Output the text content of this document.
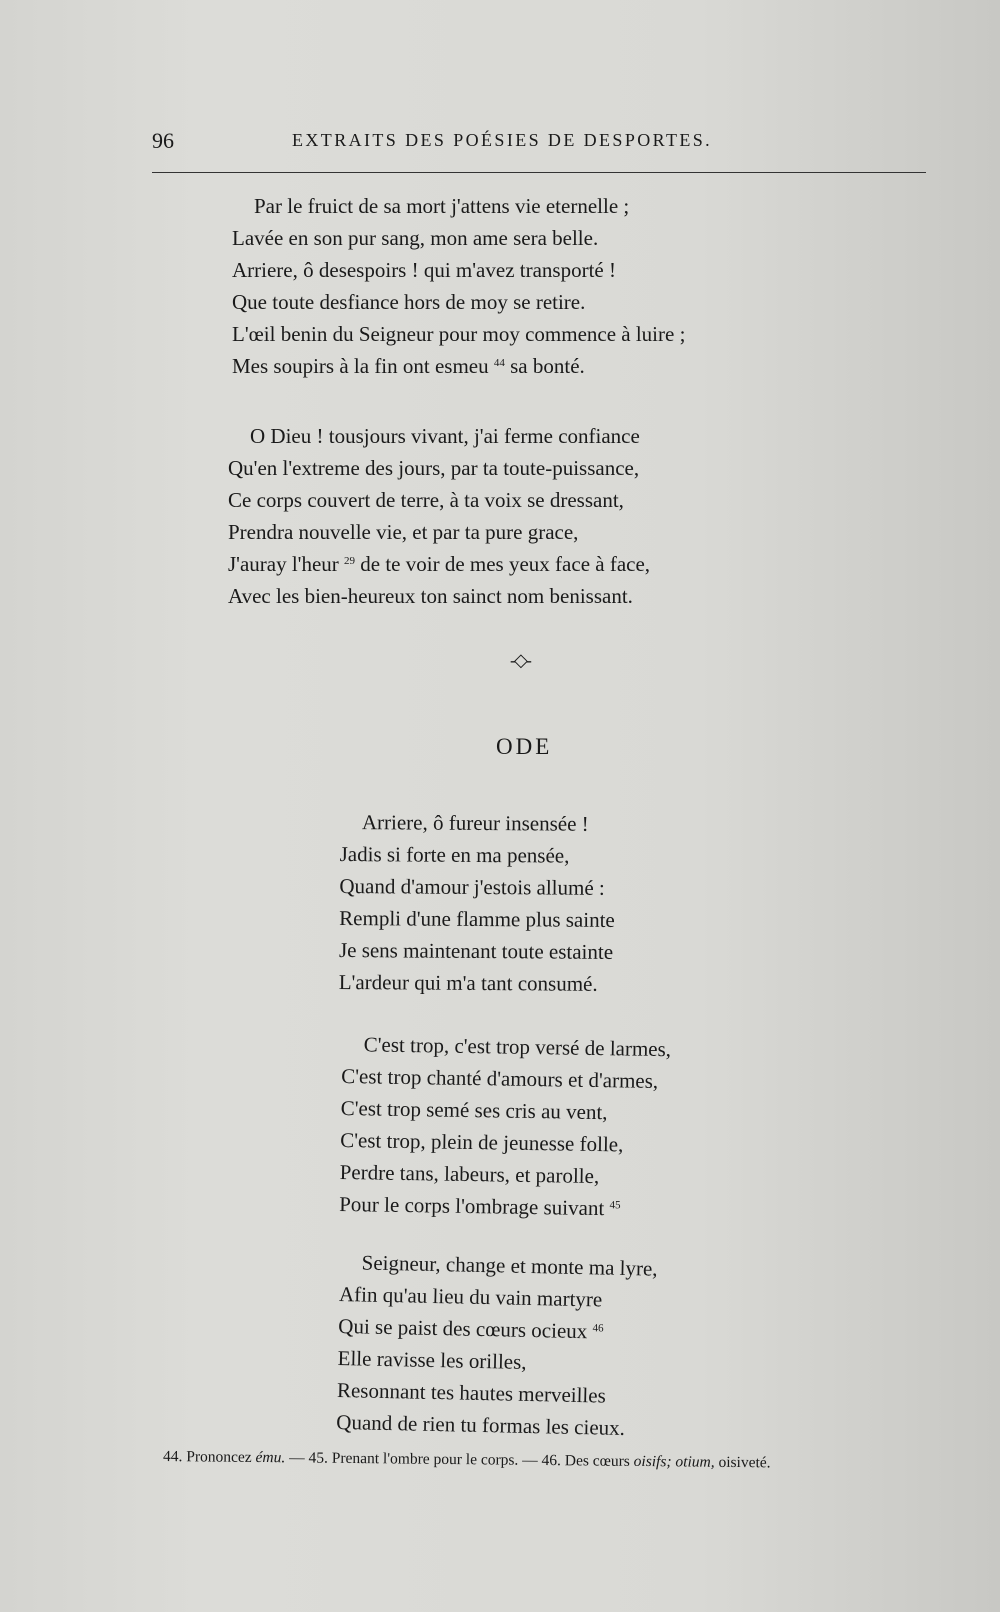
96	EXTRAITS DES POÉSIES DE DESPORTES.
Par le fruict de sa mort j'attens vie eternelle ;
Lavée en son pur sang, mon ame sera belle.
Arriere, ô desespoirs ! qui m'avez transporté !
Que toute desfiance hors de moy se retire.
L'œil benin du Seigneur pour moy commence à luire ;
Mes soupirs à la fin ont esmeu $^{44}$ sa bonté.
O Dieu ! tousjours vivant, j'ai ferme confiance
Qu'en l'extreme des jours, par ta toute-puissance,
Ce corps couvert de terre, à ta voix se dressant,
Prendra nouvelle vie, et par ta pure grace,
J'auray l'heur $^{29}$ de te voir de mes yeux face à face,
Avec les bien-heureux ton sainct nom benissant.
-◇-
ODE
Arriere, ô fureur insensée !
Jadis si forte en ma pensée,
Quand d'amour j'estois allumé :
Rempli d'une flamme plus sainte
Je sens maintenant toute estainte
L'ardeur qui m'a tant consumé.
C'est trop, c'est trop versé de larmes,
C'est trop chanté d'amours et d'armes,
C'est trop semé ses cris au vent,
C'est trop, plein de jeunesse folle,
Perdre tans, labeurs, et parolle,
Pour le corps l'ombrage suivant $^{45}$
Seigneur, change et monte ma lyre,
Afin qu'au lieu du vain martyre
Qui se paist des cœurs ocieux $^{46}$
Elle ravisse les orilles,
Resonnant tes hautes merveilles
Quand de rien tu formas les cieux.
44. Prononcez ému. — 45. Prenant l'ombre pour le corps. — 46. Des cœurs oisifs; otium, oisiveté.
